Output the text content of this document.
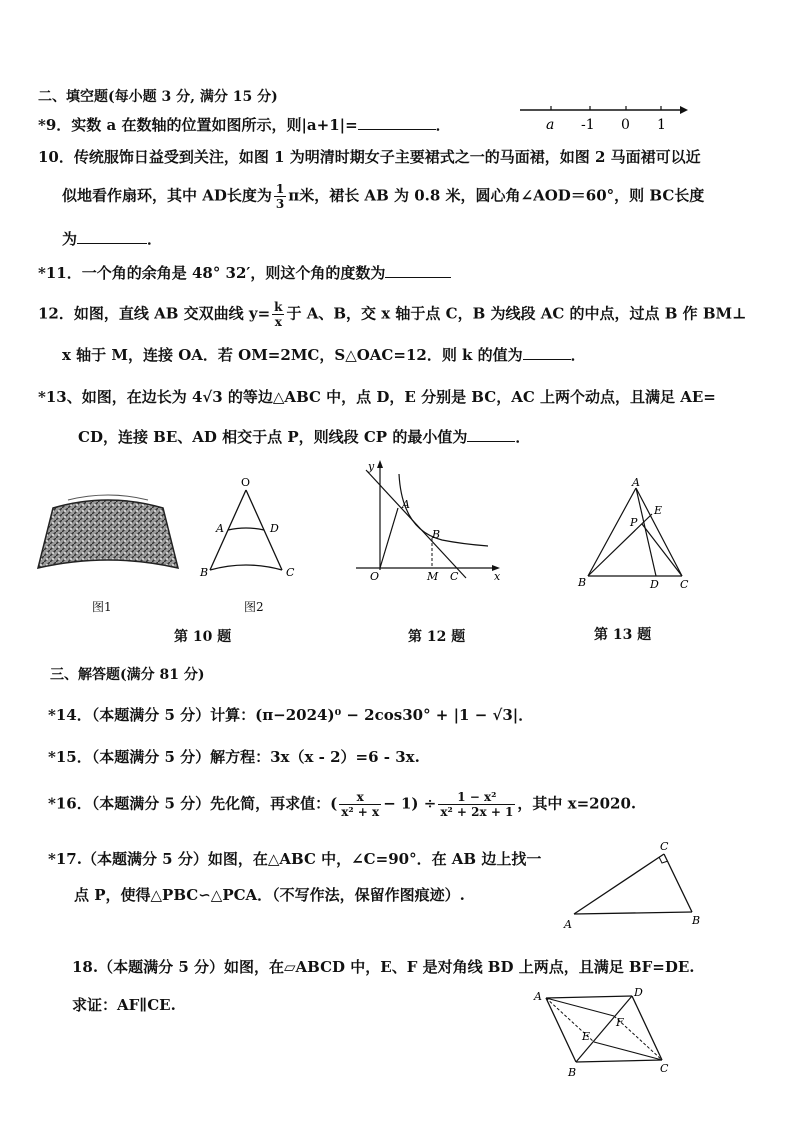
二、填空题(每小题 3 分, 满分 15 分)
*9．实数 a 在数轴的位置如图所示，则|a+1|=	．	a -1 0 1
10．传统服饰日益受到关注，如图 1 为明清时期女子主要裙式之一的马面裙，如图 2 马面裙可以近
似地看作扇环，其中 AD长度为 $\frac{1}{3}$ π米，裙长 AB 为 0.8 米，圆心角∠AOD＝60°，则 BC长度
为	．
*11．一个角的余角是 48° 32′，则这个角的度数为
12．如图，直线 AB 交双曲线 $y= \frac{k}{x}$ 于 A、B，交 x 轴于点 C，B 为线段 AC 的中点，过点 B 作 BM⊥
x 轴于 M，连接 OA．若 OM=2MC，S△OAC=12．则 k 的值为	．
*13、如图，在边长为 4√3 的等边△ABC 中，点 D，E 分别是 BC，AC 上两个动点，且满足 AE=
CD，连接 BE、AD 相交于点 P，则线段 CP 的最小值为	．
图1
O
A	D
B	C
图2
第 10 题
y
A
B
O	M C	x
第 12 题
A
P
E
B	D C
第 13 题
三、解答题(满分 81 分)
*14．（本题满分 5 分）计算：(π−2024)⁰ − 2cos30° + |1 − √3|．
*15．（本题满分 5 分）解方程：3x（x - 2）=6 - 3x.
*16．（本题满分 5 分）先化简，再求值：( $\frac{x}{\text{x² + x}} - 1) \div \frac{\text{1 − x²}}{\text{x² + 2x + 1}}$ ，其中 x=2020.
*17.（本题满分 5 分）如图，在△ABC 中，∠C=90°．在 AB 边上找一
点 P，使得△PBC∽△PCA．（不写作法，保留作图痕迹）.
C
A	B
18.（本题满分 5 分）如图，在▱ABCD 中，E、F 是对角线 BD 上两点，且满足 BF=DE.
求证：AF∥CE.	A	D
F
E
B	C
